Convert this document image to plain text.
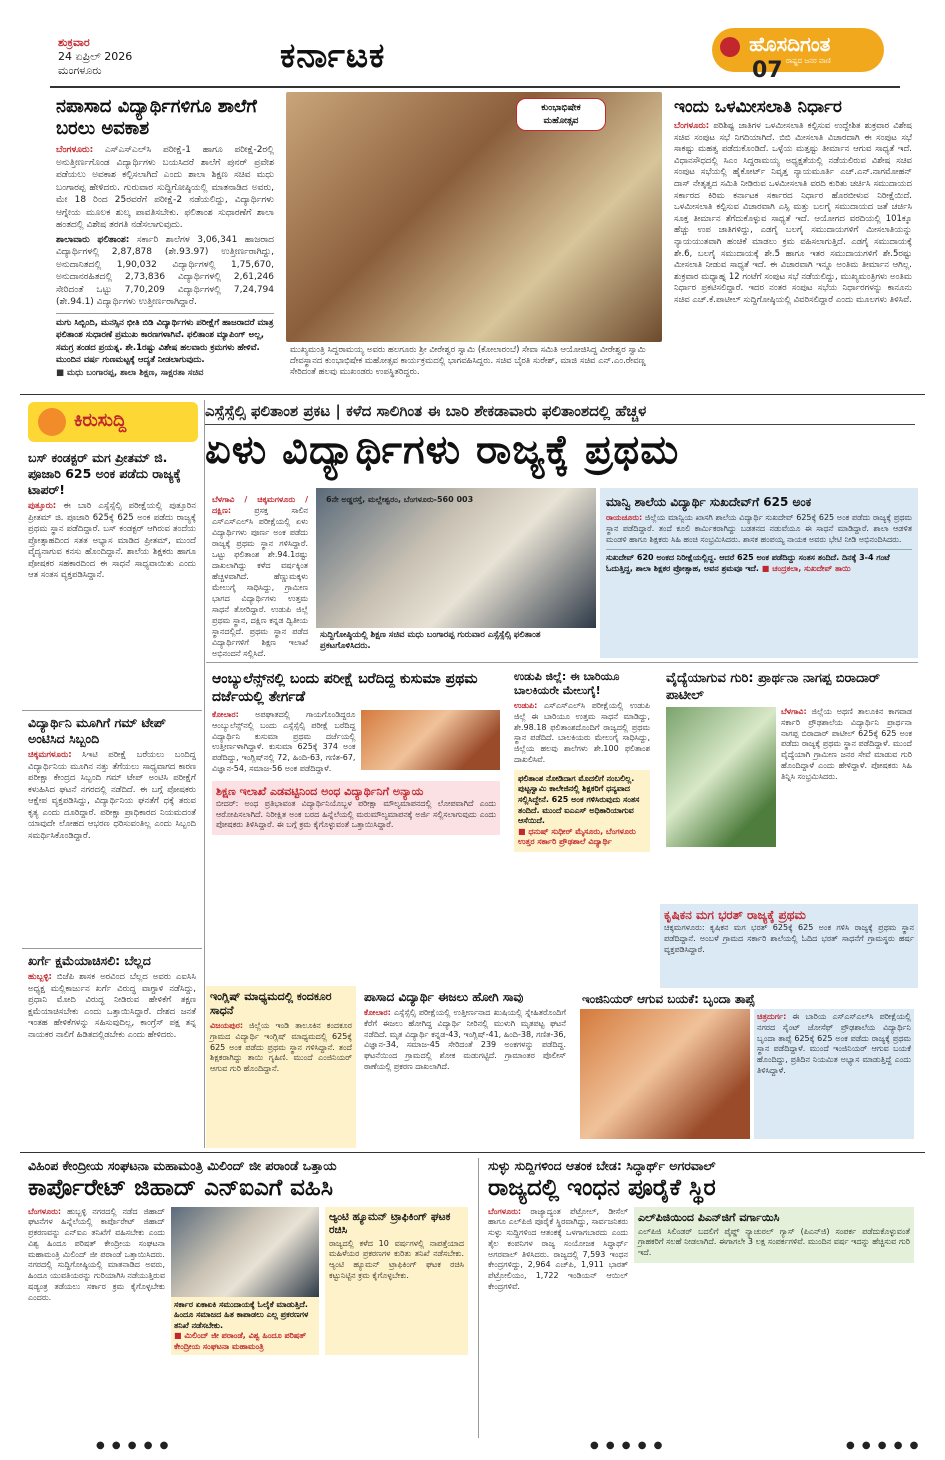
ಶುಕ್ರವಾರ
24 ಏಪ್ರಿಲ್ 2026
ಮಂಗಳೂರು	ಕರ್ನಾಟಕ	ಹೊಸದಿಗಂತ
ರಾಷ್ಟ್ರದ ಜನರ ವಾಣಿ
07
ನಪಾಸಾದ ವಿದ್ಯಾರ್ಥಿಗಳಿಗೂ ಶಾಲೆಗೆ ಬರಲು ಅವಕಾಶ

ಬೆಂಗಳೂರು: ಎಸ್‌ಎಸ್‌ಎಲ್‌ಸಿ ಪರೀಕ್ಷೆ-1 ಹಾಗೂ ಪರೀಕ್ಷೆ-2ರಲ್ಲಿ ಅನುತ್ತೀರ್ಣಗೊಂಡ ವಿದ್ಯಾರ್ಥಿಗಳು ಬಯಸಿದರೆ ಶಾಲೆಗೆ ಪುನರ್ ಪ್ರವೇಶ ಪಡೆಯಲು ಅವಕಾಶ ಕಲ್ಪಿಸಲಾಗಿದೆ ಎಂದು ಶಾಲಾ ಶಿಕ್ಷಣ ಸಚಿವ ಮಧು ಬಂಗಾರಪ್ಪ ಹೇಳಿದರು. ಗುರುವಾರ ಸುದ್ದಿಗೋಷ್ಠಿಯಲ್ಲಿ ಮಾತನಾಡಿದ ಅವರು, ಮೇ 18 ರಿಂದ 25ರವರೆಗೆ ಪರೀಕ್ಷೆ-2 ನಡೆಯಲಿದ್ದು, ವಿದ್ಯಾರ್ಥಿಗಳು ಆಗ್ನೇಯ ಮೂಲಕ ಶುಲ್ಕ ಪಾವತಿಸಬೇಕು. ಫಲಿತಾಂಶ ಸುಧಾರಣೆಗೆ ಶಾಲಾ ಹಂತದಲ್ಲಿ ವಿಶೇಷ ತರಗತಿ ನಡೆಸಲಾಗುವುದು.

ಶಾಲಾವಾರು ಫಲಿತಾಂಶ: ಸರ್ಕಾರಿ ಶಾಲೆಗಳ 3,06,341 ಹಾಜರಾದ ವಿದ್ಯಾರ್ಥಿಗಳಲ್ಲಿ 2,87,878 (ಶೇ.93.97) ಉತ್ತೀರ್ಣರಾಗಿದ್ದು, ಅನುದಾನಿತದಲ್ಲಿ 1,90,032 ವಿದ್ಯಾರ್ಥಿಗಳಲ್ಲಿ 1,75,670, ಅನುದಾನರಹಿತದಲ್ಲಿ 2,73,836 ವಿದ್ಯಾರ್ಥಿಗಳಲ್ಲಿ 2,61,246 ಸೇರಿದಂತೆ ಒಟ್ಟು 7,70,209 ವಿದ್ಯಾರ್ಥಿಗಳಲ್ಲಿ 7,24,794 (ಶೇ.94.1) ವಿದ್ಯಾರ್ಥಿಗಳು ಉತ್ತೀರ್ಣರಾಗಿದ್ದಾರೆ.

ಮಗು ಸಿಬ್ಬಿಂದಿ, ಮನಸ್ಸಿನ ಭೀತಿ ಬಿಡಿ ವಿದ್ಯಾರ್ಥಿಗಳು ಪರೀಕ್ಷೆಗೆ ಹಾಜರಾದರೆ ಮಾತ್ರ ಫಲಿತಾಂಶ ಸುಧಾರಣೆ ಪ್ರಮುಖ ಕಾರಣಗಳಾಗಿವೆ. ಫಲಿತಾಂಶ ಮ್ಯಾಪಿಂಗ್ ಅಲ್ಲ, ಸಮಗ್ರ ತಂಡದ ಪ್ರಯತ್ನ. ಶೇ.1ರಷ್ಟು ವಿಶೇಷ ಹಲವಾರು ಕ್ರಮಗಳು ಹೇಳಿವೆ. ಮುಂದಿನ ವರ್ಷ ಗುಣಮಟ್ಟಕ್ಕೆ ಆದ್ಯತೆ ನೀಡಲಾಗುವುದು.
■ ಮಧು ಬಂಗಾರಪ್ಪ, ಶಾಲಾ ಶಿಕ್ಷಣ, ಸಾಕ್ಷರತಾ ಸಚಿವ
ಕುಂಭಾಭಿಷೇಕ ಮಹೋತ್ಸವ
ಮುಖ್ಯಮಂತ್ರಿ ಸಿದ್ದರಾಮಯ್ಯ ಅವರು ಹಲಗೂರು ಶ್ರೀ ವೀರೇಶ್ವರ ಸ್ವಾಮಿ (ಕೋಲಾರಂಬೆ) ಸೇವಾ ಸಮಿತಿ ಆಯೋಜಿಸಿದ್ದ ವೀರೇಶ್ವರ ಸ್ವಾಮಿ ದೇವಸ್ಥಾನದ ಕುಂಭಾಭಿಷೇಕ ಮಹೋತ್ಸವ ಕಾರ್ಯಕ್ರಮದಲ್ಲಿ ಭಾಗವಹಿಸಿದ್ದರು. ಸಚಿವ ಬೈರತಿ ಸುರೇಶ್, ಮಾಜಿ ಸಚಿವ ಎನ್.ಎಂ.ರೇವಣ್ಣ ಸೇರಿದಂತೆ ಹಲವು ಮುಖಂಡರು ಉಪಸ್ಥಿತರಿದ್ದರು.
ಇಂದು ಒಳಮೀಸಲಾತಿ ನಿರ್ಧಾರ

ಬೆಂಗಳೂರು: ಪರಿಶಿಷ್ಟ ಜಾತಿಗಳ ಒಳಮೀಸಲಾತಿ ಕಲ್ಪಿಸುವ ಉದ್ದೇಶಿತ ಶುಕ್ರವಾರ ವಿಶೇಷ ಸಚಿವ ಸಂಪುಟ ಸಭೆ ನಿಗದಿಯಾಗಿದೆ. ಬಿಬಿ ಮೀಸಲಾತಿ ವಿಚಾರದಾಗಿ ಈ ಸಂಪುಟ ಸಭೆ ಸಾಕಷ್ಟು ಮಹತ್ವ ಪಡೆದುಕೊಂಡಿದೆ. ಒಳ್ಳೆಯ ಮತ್ತಷ್ಟು ತೀರ್ಮಾನ ಆಗುವ ಸಾಧ್ಯತೆ ಇದೆ. ವಿಧಾನಸೌಧದಲ್ಲಿ ಸಿಎಂ ಸಿದ್ದರಾಮಯ್ಯ ಅಧ್ಯಕ್ಷತೆಯಲ್ಲಿ ನಡೆಯಲಿರುವ ವಿಶೇಷ ಸಚಿವ ಸಂಪುಟ ಸಭೆಯಲ್ಲಿ ಹೈಕೋರ್ಟ್ ನಿವೃತ್ತ ನ್ಯಾಯಮೂರ್ತಿ ಎಚ್.ಎನ್.ನಾಗಮೋಹನ್ ದಾಸ್ ನೇತೃತ್ವದ ಸಮಿತಿ ನೀಡಿರುವ ಒಳಮೀಸಲಾತಿ ವರದಿ ಕುರಿತು ಚರ್ಚಿಸಿ ಸಮುದಾಯದ ಸರ್ಕಾರದ ಕಿರಿಮ ಕರ್ನಾಟಕ ಸರ್ಕಾರದ ನಿರ್ಧಾರ ಹೊರಬೀಳುವ ನಿರೀಕ್ಷೆಯಿದೆ. ಒಳಮೀಸಲಾತಿ ಕಲ್ಪಿಸುವ ವಿಚಾರವಾಗಿ ಎಸ್ಸಿ ಮತ್ತು ಬಲಗೈ ಸಮುದಾಯದ ಜತೆ ಚರ್ಚಿಸಿ ಸೂಕ್ತ ತೀರ್ಮಾನ ತೆಗೆದುಕೊಳ್ಳುವ ಸಾಧ್ಯತೆ ಇದೆ. ಆಯೋಗದ ವರದಿಯಲ್ಲಿ 101ಕ್ಕೂ ಹೆಚ್ಚು ಉಪ ಜಾತಿಗಳಿದ್ದು, ಎಡಗೈ ಬಲಗೈ ಸಮುದಾಯಗಳಿಗೆ ಮೀಸಲಾತಿಯನ್ನು ನ್ಯಾಯಯುತವಾಗಿ ಹಂಚಿಕೆ ಮಾಡಲು ಕ್ರಮ ವಹಿಸಲಾಗುತ್ತಿದೆ. ಎಡಗೈ ಸಮುದಾಯಕ್ಕೆ ಶೇ.6, ಬಲಗೈ ಸಮುದಾಯಕ್ಕೆ ಶೇ.5 ಹಾಗೂ ಇತರ ಸಮುದಾಯಗಳಿಗೆ ಶೇ.5ರಷ್ಟು ಮೀಸಲಾತಿ ನೀಡುವ ಸಾಧ್ಯತೆ ಇದೆ. ಈ ವಿಚಾರವಾಗಿ ಇನ್ನೂ ಅಂತಿಮ ತೀರ್ಮಾನ ಆಗಿಲ್ಲ. ಶುಕ್ರವಾರ ಮಧ್ಯಾಹ್ನ 12 ಗಂಟೆಗೆ ಸಂಪುಟ ಸಭೆ ನಡೆಯಲಿದ್ದು, ಮುಖ್ಯಮಂತ್ರಿಗಳು ಅಂತಿಮ ನಿರ್ಧಾರ ಪ್ರಕಟಿಸಲಿದ್ದಾರೆ. ಇದರ ನಂತರ ಸಂಪುಟ ಸಭೆಯ ನಿರ್ಧಾರಗಳನ್ನು ಕಾನೂನು ಸಚಿವ ಎಚ್.ಕೆ.ಪಾಟೀಲ್ ಸುದ್ದಿಗೋಷ್ಠಿಯಲ್ಲಿ ವಿವರಿಸಲಿದ್ದಾರೆ ಎಂದು ಮೂಲಗಳು ತಿಳಿಸಿವೆ.

ಕಿರುಸುದ್ದಿ
ಬಸ್ ಕಂಡಕ್ಟರ್ ಮಗ ಪ್ರೀತಮ್ ಜಿ. ಪೂಜಾರಿ 625 ಅಂಕ ಪಡೆದು ರಾಜ್ಯಕ್ಕೆ ಟಾಪರ್!

ಪುತ್ತೂರು: ಈ ಬಾರಿ ಎಸ್ಸೆಸ್ಸೆಲ್ಸಿ ಪರೀಕ್ಷೆಯಲ್ಲಿ ಪುತ್ತೂರಿನ ಪ್ರೀತಮ್ ಜಿ. ಪೂಜಾರಿ 625ಕ್ಕೆ 625 ಅಂಕ ಪಡೆದು ರಾಜ್ಯಕ್ಕೆ ಪ್ರಥಮ ಸ್ಥಾನ ಪಡೆದಿದ್ದಾರೆ. ಬಸ್ ಕಂಡಕ್ಟರ್ ಆಗಿರುವ ತಂದೆಯ ಪ್ರೋತ್ಸಾಹದಿಂದ ಸತತ ಅಭ್ಯಾಸ ಮಾಡಿದ ಪ್ರೀತಮ್, ಮುಂದೆ ವೈದ್ಯನಾಗುವ ಕನಸು ಹೊಂದಿದ್ದಾನೆ. ಶಾಲೆಯ ಶಿಕ್ಷಕರು ಹಾಗೂ ಪೋಷಕರ ಸಹಕಾರದಿಂದ ಈ ಸಾಧನೆ ಸಾಧ್ಯವಾಯಿತು ಎಂದು ಆತ ಸಂತಸ ವ್ಯಕ್ತಪಡಿಸಿದ್ದಾನೆ.

ವಿದ್ಯಾರ್ಥಿನಿ ಮೂಗಿಗೆ ಗಮ್ ಟೇಪ್ ಅಂಟಿಸಿದ ಸಿಬ್ಬಂದಿ

ಚಿಕ್ಕಮಗಳೂರು: ಸಿಇಟಿ ಪರೀಕ್ಷೆ ಬರೆಯಲು ಬಂದಿದ್ದ ವಿದ್ಯಾರ್ಥಿನಿಯ ಮೂಗಿನ ನತ್ತು ತೆಗೆಯಲು ಸಾಧ್ಯವಾಗದ ಕಾರಣ ಪರೀಕ್ಷಾ ಕೇಂದ್ರದ ಸಿಬ್ಬಂದಿ ಗಮ್ ಟೇಪ್ ಅಂಟಿಸಿ ಪರೀಕ್ಷೆಗೆ ಕಳುಹಿಸಿದ ಘಟನೆ ನಗರದಲ್ಲಿ ನಡೆದಿದೆ. ಈ ಬಗ್ಗೆ ಪೋಷಕರು ಆಕ್ಷೇಪ ವ್ಯಕ್ತಪಡಿಸಿದ್ದು, ವಿದ್ಯಾರ್ಥಿನಿಯ ಘನತೆಗೆ ಧಕ್ಕೆ ತರುವ ಕೃತ್ಯ ಎಂದು ದೂರಿದ್ದಾರೆ. ಪರೀಕ್ಷಾ ಪ್ರಾಧಿಕಾರದ ನಿಯಮದಂತೆ ಯಾವುದೇ ಲೋಹದ ಆಭರಣ ಧರಿಸುವಂತಿಲ್ಲ ಎಂದು ಸಿಬ್ಬಂದಿ ಸಮರ್ಥಿಸಿಕೊಂಡಿದ್ದಾರೆ.

ಖರ್ಗೆ ಕ್ಷಮೆಯಾಚಿಸಲಿ: ಬೆಲ್ಲದ

ಹುಬ್ಬಳ್ಳಿ: ಬಿಜೆಪಿ ಶಾಸಕ ಅರವಿಂದ ಬೆಲ್ಲದ ಅವರು ಎಐಸಿಸಿ ಅಧ್ಯಕ್ಷ ಮಲ್ಲಿಕಾರ್ಜುನ ಖರ್ಗೆ ವಿರುದ್ಧ ವಾಗ್ದಾಳಿ ನಡೆಸಿದ್ದು, ಪ್ರಧಾನಿ ಮೋದಿ ವಿರುದ್ಧ ನೀಡಿರುವ ಹೇಳಿಕೆಗೆ ತಕ್ಷಣ ಕ್ಷಮೆಯಾಚಿಸಬೇಕು ಎಂದು ಒತ್ತಾಯಿಸಿದ್ದಾರೆ. ದೇಶದ ಜನತೆ ಇಂತಹ ಹೇಳಿಕೆಗಳನ್ನು ಸಹಿಸುವುದಿಲ್ಲ, ಕಾಂಗ್ರೆಸ್ ಪಕ್ಷ ತನ್ನ ನಾಯಕರ ನಾಲಿಗೆ ಹಿಡಿತದಲ್ಲಿಡಬೇಕು ಎಂದು ಹೇಳಿದರು.

ಎಸ್ಸೆಸ್ಸೆಲ್ಸಿ ಫಲಿತಾಂಶ ಪ್ರಕಟ | ಕಳೆದ ಸಾಲಿಗಿಂತ ಈ ಬಾರಿ ಶೇಕಡಾವಾರು ಫಲಿತಾಂಶದಲ್ಲಿ ಹೆಚ್ಚಳ
ಏಳು ವಿದ್ಯಾರ್ಥಿಗಳು ರಾಜ್ಯಕ್ಕೆ ಪ್ರಥಮ

ಬೆಳಗಾವಿ / ಚಿಕ್ಕಮಗಳೂರು / ದಕ್ಷಿಣ:	ಪ್ರಸಕ್ತ ಸಾಲಿನ ಎಸ್‌ಎಸ್‌ಎಲ್‌ಸಿ ಪರೀಕ್ಷೆಯಲ್ಲಿ ಏಳು ವಿದ್ಯಾರ್ಥಿಗಳು ಪೂರ್ಣ ಅಂಕ ಪಡೆದು ರಾಜ್ಯಕ್ಕೆ ಪ್ರಥಮ ಸ್ಥಾನ ಗಳಿಸಿದ್ದಾರೆ. ಒಟ್ಟು ಫಲಿತಾಂಶ ಶೇ.94.1ರಷ್ಟು ದಾಖಲಾಗಿದ್ದು ಕಳೆದ ವರ್ಷಕ್ಕಿಂತ ಹೆಚ್ಚಳವಾಗಿದೆ. ಹೆಣ್ಣುಮಕ್ಕಳು ಮೇಲುಗೈ ಸಾಧಿಸಿದ್ದು, ಗ್ರಾಮೀಣ ಭಾಗದ ವಿದ್ಯಾರ್ಥಿಗಳು ಉತ್ತಮ ಸಾಧನೆ ತೋರಿದ್ದಾರೆ. ಉಡುಪಿ ಜಿಲ್ಲೆ ಪ್ರಥಮ ಸ್ಥಾನ, ದಕ್ಷಿಣ ಕನ್ನಡ ದ್ವಿತೀಯ ಸ್ಥಾನದಲ್ಲಿದೆ. ಪ್ರಥಮ ಸ್ಥಾನ ಪಡೆದ ವಿದ್ಯಾರ್ಥಿಗಳಿಗೆ ಶಿಕ್ಷಣ ಇಲಾಖೆ ಅಭಿನಂದನೆ ಸಲ್ಲಿಸಿದೆ.

6ನೇ ಅಡ್ಡರಸ್ತೆ, ಮಲ್ಲೇಶ್ವರಂ, ಬೆಂಗಳೂರು-560 003
ಸುದ್ದಿಗೋಷ್ಠಿಯಲ್ಲಿ ಶಿಕ್ಷಣ ಸಚಿವ ಮಧು ಬಂಗಾರಪ್ಪ ಗುರುವಾರ ಎಸ್ಸೆಸ್ಸೆಲ್ಸಿ ಫಲಿತಾಂಶ ಪ್ರಕಟಗೊಳಿಸಿದರು.
ಮಾನ್ವಿ ಶಾಲೆಯ ವಿದ್ಯಾರ್ಥಿ ಸುಖದೇವ್‌ಗೆ 625 ಅಂಕ

ರಾಯಚೂರು: ಜಿಲ್ಲೆಯ ಮಾನ್ವಿಯ ಖಾಸಗಿ ಶಾಲೆಯ ವಿದ್ಯಾರ್ಥಿ ಸುಖದೇವ್ 625ಕ್ಕೆ 625 ಅಂಕ ಪಡೆದು ರಾಜ್ಯಕ್ಕೆ ಪ್ರಥಮ ಸ್ಥಾನ ಪಡೆದಿದ್ದಾರೆ. ತಂದೆ ಕೂಲಿ ಕಾರ್ಮಿಕರಾಗಿದ್ದು ಬಡತನದ ನಡುವೆಯೂ ಈ ಸಾಧನೆ ಮಾಡಿದ್ದಾರೆ. ಶಾಲಾ ಆಡಳಿತ ಮಂಡಳಿ ಹಾಗೂ ಶಿಕ್ಷಕರು ಸಿಹಿ ಹಂಚಿ ಸಂಭ್ರಮಿಸಿದರು. ಶಾಸಕ ಹಂಪಯ್ಯ ನಾಯಕ ಅವರು ಭೇಟಿ ನೀಡಿ ಅಭಿನಂದಿಸಿದರು.

ಸುಖದೇವ್‌ 620 ಅಂಕದ ನಿರೀಕ್ಷೆಯಲ್ಲಿದ್ದ. ಆದರೆ 625 ಅಂಕ ಪಡೆದಿದ್ದು ಸಂತಸ ತಂದಿದೆ. ದಿನಕ್ಕೆ 3-4 ಗಂಟೆ ಓದುತ್ತಿದ್ದ, ಶಾಲಾ ಶಿಕ್ಷಕರ ಪ್ರೋತ್ಸಾಹ, ಅವನ ಶ್ರಮವೂ ಇದೆ. ■ ಚಂದ್ರಕಲಾ, ಸುಖದೇವ್ ತಾಯಿ
ಆಂಬ್ಯುಲೆನ್ಸ್‌ನಲ್ಲಿ ಬಂದು ಪರೀಕ್ಷೆ ಬರೆದಿದ್ದ ಕುಸುಮಾ ಪ್ರಥಮ ದರ್ಜೆಯಲ್ಲಿ ತೇರ್ಗಡೆ

ಕೋಲಾರ: ಅಪಘಾತದಲ್ಲಿ ಗಾಯಗೊಂಡಿದ್ದರೂ ಆಂಬ್ಯುಲೆನ್ಸ್‌ನಲ್ಲಿ ಬಂದು ಎಸ್ಸೆಸ್ಸೆಲ್ಸಿ ಪರೀಕ್ಷೆ ಬರೆದಿದ್ದ ವಿದ್ಯಾರ್ಥಿನಿ ಕುಸುಮಾ ಪ್ರಥಮ ದರ್ಜೆಯಲ್ಲಿ ಉತ್ತೀರ್ಣಳಾಗಿದ್ದಾಳೆ. ಕುಸುಮಾ 625ಕ್ಕೆ 374 ಅಂಕ ಪಡೆದಿದ್ದು, ಇಂಗ್ಲಿಷ್‌ನಲ್ಲಿ 72, ಹಿಂದಿ-63, ಗಣಿತ-67, ವಿಜ್ಞಾನ-54, ಸಮಾಜ-56 ಅಂಕ ಪಡೆದಿದ್ದಾಳೆ.

ಶಿಕ್ಷಣ ಇಲಾಖೆ ಎಡವಟ್ಟಿನಿಂದ ಅಂಧ ವಿದ್ಯಾರ್ಥಿನಿಗೆ ಅನ್ಯಾಯ

ಬೀದರ್: ಅಂಧ ಪ್ರತಿಭಾವಂತ ವಿದ್ಯಾರ್ಥಿನಿಯೊಬ್ಬಳ ಪರೀಕ್ಷಾ ಮೌಲ್ಯಮಾಪನದಲ್ಲಿ ಲೋಪವಾಗಿದೆ ಎಂದು ಆರೋಪಿಸಲಾಗಿದೆ. ನಿರೀಕ್ಷಿತ ಅಂಕ ಬರದ ಹಿನ್ನೆಲೆಯಲ್ಲಿ ಮರುಮೌಲ್ಯಮಾಪನಕ್ಕೆ ಅರ್ಜಿ ಸಲ್ಲಿಸಲಾಗುವುದು ಎಂದು ಪೋಷಕರು ತಿಳಿಸಿದ್ದಾರೆ. ಈ ಬಗ್ಗೆ ಕ್ರಮ ಕೈಗೊಳ್ಳುವಂತೆ ಒತ್ತಾಯಿಸಿದ್ದಾರೆ.

ಉಡುಪಿ ಜಿಲ್ಲೆ: ಈ ಬಾರಿಯೂ ಬಾಲಕಿಯರೇ ಮೇಲುಗೈ!

ಉಡುಪಿ: ಎಸ್‌ಎಸ್‌ಎಲ್‌ಸಿ ಪರೀಕ್ಷೆಯಲ್ಲಿ ಉಡುಪಿ ಜಿಲ್ಲೆ ಈ ಬಾರಿಯೂ ಉತ್ತಮ ಸಾಧನೆ ಮಾಡಿದ್ದು, ಶೇ.98.18 ಫಲಿತಾಂಶದೊಂದಿಗೆ ರಾಜ್ಯದಲ್ಲಿ ಪ್ರಥಮ ಸ್ಥಾನ ಪಡೆದಿದೆ. ಬಾಲಕಿಯರು ಮೇಲುಗೈ ಸಾಧಿಸಿದ್ದು, ಜಿಲ್ಲೆಯ ಹಲವು ಶಾಲೆಗಳು ಶೇ.100 ಫಲಿತಾಂಶ ದಾಖಲಿಸಿವೆ.

ಫಲಿತಾಂಶ ನೋಡಿದಾಗ ಮೊದಲಿಗೆ ನಂಬಲಿಲ್ಲ. ಪುಟ್ಟಸ್ವಾಮಿ ಕಾಲೇಜಿನಲ್ಲಿ ಶಿಕ್ಷಕರಿಗೆ ಧನ್ಯವಾದ ಸಲ್ಲಿಸಿದ್ದೇನೆ. 625 ಅಂಕ ಗಳಿಸಿರುವುದು ಸಂತಸ ತಂದಿದೆ. ಮುಂದೆ ಐಎಎಸ್ ಅಧಿಕಾರಿಯಾಗುವ ಆಸೆಯಿದೆ.
■ ಧನುಷ್ ಸುಧೀರ್ ಮೈಸೂರು, ಬೆಂಗಳೂರು ಉತ್ತರ ಸರ್ಕಾರಿ ಪ್ರೌಢಶಾಲೆ ವಿದ್ಯಾರ್ಥಿ
ವೈದ್ಯೆಯಾಗುವ ಗುರಿ: ಪ್ರಾರ್ಥನಾ ನಾಗಪ್ಪ ಬಿರಾದಾರ್ ಪಾಟೀಲ್

ಬೆಳಗಾವಿ: ಜಿಲ್ಲೆಯ ಅಥಣಿ ತಾಲೂಕಿನ ಕಾಗವಾಡ ಸರ್ಕಾರಿ ಪ್ರೌಢಶಾಲೆಯ ವಿದ್ಯಾರ್ಥಿನಿ ಪ್ರಾರ್ಥನಾ ನಾಗಪ್ಪ ಬಿರಾದಾರ್ ಪಾಟೀಲ್ 625ಕ್ಕೆ 625 ಅಂಕ ಪಡೆದು ರಾಜ್ಯಕ್ಕೆ ಪ್ರಥಮ ಸ್ಥಾನ ಪಡೆದಿದ್ದಾಳೆ. ಮುಂದೆ ವೈದ್ಯೆಯಾಗಿ ಗ್ರಾಮೀಣ ಜನರ ಸೇವೆ ಮಾಡುವ ಗುರಿ ಹೊಂದಿದ್ದಾಳೆ ಎಂದು ಹೇಳಿದ್ದಾಳೆ. ಪೋಷಕರು ಸಿಹಿ ತಿನ್ನಿಸಿ ಸಂಭ್ರಮಿಸಿದರು.

ಕೃಷಿಕನ ಮಗ ಭರತ್ ರಾಜ್ಯಕ್ಕೆ ಪ್ರಥಮ

ಚಿಕ್ಕಮಗಳೂರು: ಕೃಷಿಕನ ಮಗ ಭರತ್ 625ಕ್ಕೆ 625 ಅಂಕ ಗಳಿಸಿ ರಾಜ್ಯಕ್ಕೆ ಪ್ರಥಮ ಸ್ಥಾನ ಪಡೆದಿದ್ದಾನೆ. ಅಂಬಳೆ ಗ್ರಾಮದ ಸರ್ಕಾರಿ ಶಾಲೆಯಲ್ಲಿ ಓದಿದ ಭರತ್ ಸಾಧನೆಗೆ ಗ್ರಾಮಸ್ಥರು ಹರ್ಷ ವ್ಯಕ್ತಪಡಿಸಿದ್ದಾರೆ.

ಇಂಗ್ಲಿಷ್ ಮಾಧ್ಯಮದಲ್ಲಿ ಕಂದಕೂರ ಸಾಧನೆ

ವಿಜಯಪುರ: ಜಿಲ್ಲೆಯ ಇಂಡಿ ತಾಲೂಕಿನ ಕಂದಕೂರ ಗ್ರಾಮದ ವಿದ್ಯಾರ್ಥಿ ಇಂಗ್ಲಿಷ್ ಮಾಧ್ಯಮದಲ್ಲಿ 625ಕ್ಕೆ 625 ಅಂಕ ಪಡೆದು ಪ್ರಥಮ ಸ್ಥಾನ ಗಳಿಸಿದ್ದಾನೆ. ತಂದೆ ಶಿಕ್ಷಕರಾಗಿದ್ದು ತಾಯಿ ಗೃಹಿಣಿ. ಮುಂದೆ ಎಂಜಿನಿಯರ್ ಆಗುವ ಗುರಿ ಹೊಂದಿದ್ದಾನೆ.

ಪಾಸಾದ ವಿದ್ಯಾರ್ಥಿ ಈಜಲು ಹೋಗಿ ಸಾವು

ಕೋಲಾರ: ಎಸ್ಸೆಸ್ಸೆಲ್ಸಿ ಪರೀಕ್ಷೆಯಲ್ಲಿ ಉತ್ತೀರ್ಣನಾದ ಖುಷಿಯಲ್ಲಿ ಸ್ನೇಹಿತರೊಂದಿಗೆ ಕೆರೆಗೆ ಈಜಲು ಹೋಗಿದ್ದ ವಿದ್ಯಾರ್ಥಿ ನೀರಿನಲ್ಲಿ ಮುಳುಗಿ ಮೃತಪಟ್ಟ ಘಟನೆ ನಡೆದಿದೆ. ಮೃತ ವಿದ್ಯಾರ್ಥಿ ಕನ್ನಡ-43, ಇಂಗ್ಲಿಷ್-41, ಹಿಂದಿ-38, ಗಣಿತ-36, ವಿಜ್ಞಾನ-34, ಸಮಾಜ-45 ಸೇರಿದಂತೆ 239 ಅಂಕಗಳನ್ನು ಪಡೆದಿದ್ದ. ಘಟನೆಯಿಂದ ಗ್ರಾಮದಲ್ಲಿ ಶೋಕ ಮಡುಗಟ್ಟಿದೆ. ಗ್ರಾಮಾಂತರ ಪೊಲೀಸ್ ಠಾಣೆಯಲ್ಲಿ ಪ್ರಕರಣ ದಾಖಲಾಗಿದೆ.

ಇಂಜಿನಿಯರ್ ಆಗುವ ಬಯಕೆ: ಬೃಂದಾ ತಾಪ್ಸೆ

ಚಿತ್ರದುರ್ಗ: ಈ ಬಾರಿಯ ಎಸ್‌ಎಸ್‌ಎಲ್‌ಸಿ ಪರೀಕ್ಷೆಯಲ್ಲಿ ನಗರದ ಸೈಂಟ್ ಜೋಸೆಫ್ ಪ್ರೌಢಶಾಲೆಯ ವಿದ್ಯಾರ್ಥಿನಿ ಬೃಂದಾ ತಾಪ್ಸೆ 625ಕ್ಕೆ 625 ಅಂಕ ಪಡೆದು ರಾಜ್ಯಕ್ಕೆ ಪ್ರಥಮ ಸ್ಥಾನ ಪಡೆದಿದ್ದಾಳೆ. ಮುಂದೆ ಇಂಜಿನಿಯರ್ ಆಗುವ ಬಯಕೆ ಹೊಂದಿದ್ದು, ಪ್ರತಿದಿನ ನಿಯಮಿತ ಅಭ್ಯಾಸ ಮಾಡುತ್ತಿದ್ದೆ ಎಂದು ತಿಳಿಸಿದ್ದಾಳೆ.

ವಿಹಿಂಪ ಕೇಂದ್ರೀಯ ಸಂಘಟನಾ ಮಹಾಮಂತ್ರಿ ಮಿಲಿಂದ್ ಜೀ ಪರಾಂಡೆ ಒತ್ತಾಯ
ಕಾರ್ಪೊರೇಟ್ ಜಿಹಾದ್ ಎನ್‌ಐಎಗೆ ವಹಿಸಿ

ಬೆಂಗಳೂರು: ಹುಬ್ಬಳ್ಳಿ ನಗರದಲ್ಲಿ ನಡೆದ ಜಿಹಾದ್ ಘಟನೆಗಳ ಹಿನ್ನೆಲೆಯಲ್ಲಿ ಕಾರ್ಪೊರೇಟ್ ಜಿಹಾದ್ ಪ್ರಕರಣವನ್ನು ಎನ್‌ಐಎ ತನಿಖೆಗೆ ವಹಿಸಬೇಕು ಎಂದು ವಿಶ್ವ ಹಿಂದೂ ಪರಿಷತ್ ಕೇಂದ್ರೀಯ ಸಂಘಟನಾ ಮಹಾಮಂತ್ರಿ ಮಿಲಿಂದ್ ಜೀ ಪರಾಂಡೆ ಒತ್ತಾಯಿಸಿದರು. ನಗರದಲ್ಲಿ ಸುದ್ದಿಗೋಷ್ಠಿಯಲ್ಲಿ ಮಾತನಾಡಿದ ಅವರು, ಹಿಂದೂ ಯುವತಿಯರನ್ನು ಗುರಿಯಾಗಿಸಿ ನಡೆಯುತ್ತಿರುವ ಷಡ್ಯಂತ್ರ ತಡೆಯಲು ಸರ್ಕಾರ ಕ್ರಮ ಕೈಗೊಳ್ಳಬೇಕು ಎಂದರು.

ಸರ್ಕಾರ ಏಕಾಏಕಿ ಸಮುದಾಯಕ್ಕೆ ಓಲೈಕೆ ಮಾಡುತ್ತಿದೆ. ಹಿಂದೂ ಸಮಾಜದ ಹಿತ ಕಾಪಾಡಲು ಎಲ್ಲ ಪ್ರಕರಣಗಳ ತನಿಖೆ ನಡೆಸಬೇಕು.
■ ಮಿಲಿಂದ್ ಜೀ ಪರಾಂಡೆ, ವಿಶ್ವ ಹಿಂದೂ ಪರಿಷತ್ ಕೇಂದ್ರೀಯ ಸಂಘಟನಾ ಮಹಾಮಂತ್ರಿ
ಆ್ಯಂಟಿ ಹ್ಯೂಮನ್ ಟ್ರಾಫಿಕಿಂಗ್ ಘಟಕ ರಚಿಸಿ

ರಾಜ್ಯದಲ್ಲಿ ಕಳೆದ 10 ವರ್ಷಗಳಲ್ಲಿ ನಾಪತ್ತೆಯಾದ ಮಹಿಳೆಯರ ಪ್ರಕರಣಗಳ ಕುರಿತು ತನಿಖೆ ನಡೆಸಬೇಕು. ಆ್ಯಂಟಿ ಹ್ಯೂಮನ್ ಟ್ರಾಫಿಕಿಂಗ್ ಘಟಕ ರಚಿಸಿ ಕಟ್ಟುನಿಟ್ಟಿನ ಕ್ರಮ ಕೈಗೊಳ್ಳಬೇಕು.

ಸುಳ್ಳು ಸುದ್ದಿಗಳಿಂದ ಆತಂಕ ಬೇಡ: ಸಿದ್ಧಾರ್ಥ್ ಅಗರವಾಲ್
ರಾಜ್ಯದಲ್ಲಿ ಇಂಧನ ಪೂರೈಕೆ ಸ್ಥಿರ

ಬೆಂಗಳೂರು: ರಾಜ್ಯಾದ್ಯಂತ ಪೆಟ್ರೋಲ್, ಡೀಸೆಲ್ ಹಾಗೂ ಎಲ್‌ಪಿಜಿ ಪೂರೈಕೆ ಸ್ಥಿರವಾಗಿದ್ದು, ಸಾರ್ವಜನಿಕರು ಸುಳ್ಳು ಸುದ್ದಿಗಳಿಂದ ಆತಂಕಕ್ಕೆ ಒಳಗಾಗಬಾರದು ಎಂದು ತೈಲ ಕಂಪನಿಗಳ ರಾಜ್ಯ ಸಂಯೋಜಕ ಸಿದ್ಧಾರ್ಥ್ ಅಗರವಾಲ್ ತಿಳಿಸಿದರು. ರಾಜ್ಯದಲ್ಲಿ 7,593 ಇಂಧನ ಕೇಂದ್ರಗಳಿದ್ದು, 2,964 ಎಚ್‌ಪಿ, 1,911 ಭಾರತ್ ಪೆಟ್ರೋಲಿಯಂ, 1,722 ಇಂಡಿಯನ್ ಆಯಿಲ್ ಕೇಂದ್ರಗಳಿವೆ.

ಎಲ್‌ಪಿಜಿಯಿಂದ ಪಿಎನ್‌ಜಿಗೆ ವರ್ಗಾಯಿಸಿ

ಎಲ್‌ಪಿಜಿ ಸಿಲಿಂಡರ್ ಬದಲಿಗೆ ಪೈಪ್ಡ್ ನ್ಯಾಚುರಲ್ ಗ್ಯಾಸ್ (ಪಿಎನ್‌ಜಿ) ಸಂಪರ್ಕ ಪಡೆದುಕೊಳ್ಳುವಂತೆ ಗ್ರಾಹಕರಿಗೆ ಸಲಹೆ ನೀಡಲಾಗಿದೆ. ಈಗಾಗಲೇ 3 ಲಕ್ಷ ಸಂಪರ್ಕಗಳಿವೆ. ಮುಂದಿನ ವರ್ಷ ಇದನ್ನು ಹೆಚ್ಚಿಸುವ ಗುರಿ ಇದೆ.

● ● ● ● ●	● ● ● ● ●	● ● ● ● ●
